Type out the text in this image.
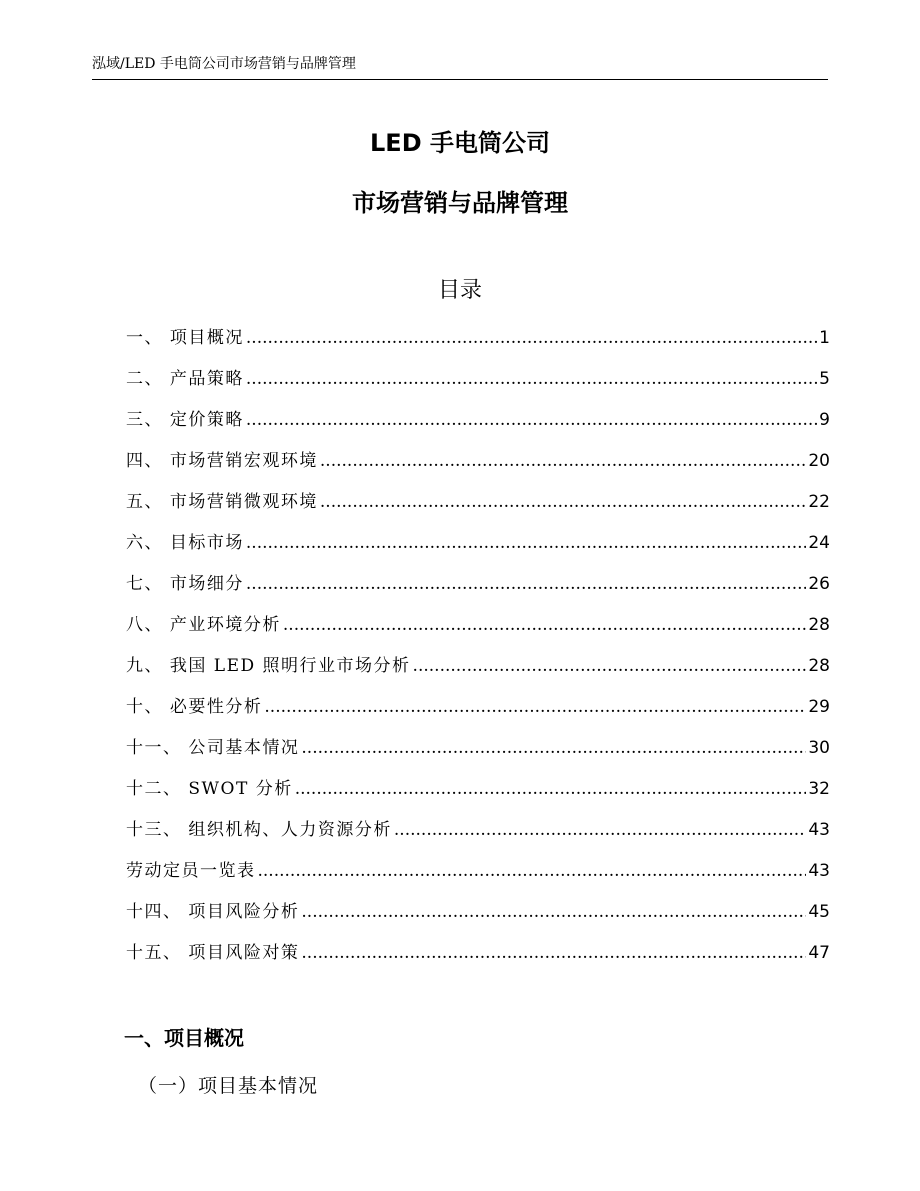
泓域/LED 手电筒公司市场营销与品牌管理
LED 手电筒公司
市场营销与品牌管理
目录
一、 项目概况 .....	1
二、 产品策略 .....	5
三、 定价策略 .....	9
四、 市场营销宏观环境 .....	20
五、 市场营销微观环境 .....	22
六、 目标市场 .....	24
七、 市场细分 .....	26
八、 产业环境分析 .....	28
九、 我国 LED 照明行业市场分析 .....	28
十、 必要性分析 .....	29
十一、 公司基本情况 .....	30
十二、 SWOT 分析 .....	32
十三、 组织机构、人力资源分析 .....	43
劳动定员一览表 .....	43
十四、 项目风险分析 .....	45
十五、 项目风险对策 .....	47
一、项目概况
（一）项目基本情况
